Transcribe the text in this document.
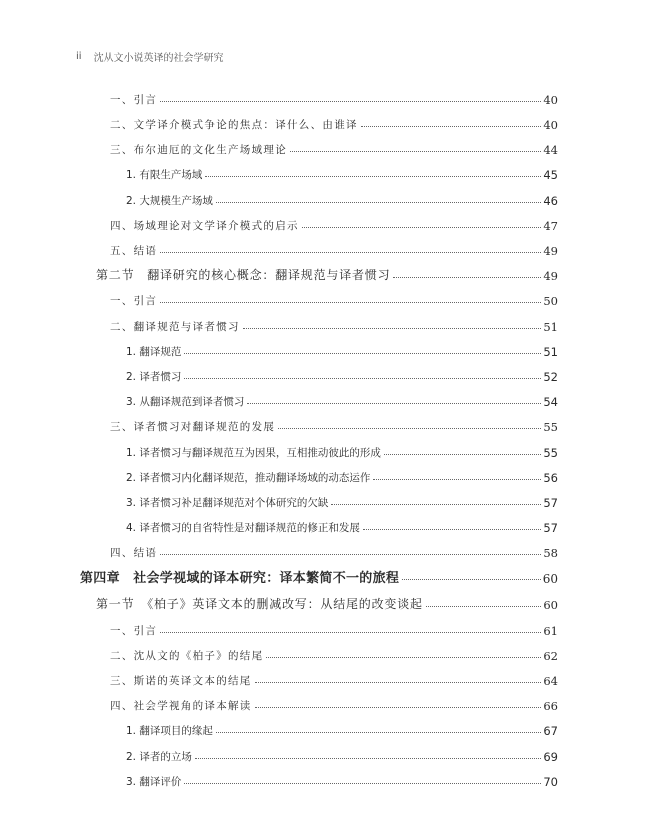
ii 沈从文小说英译的社会学研究
一、引言	40
二、文学译介模式争论的焦点：译什么、由谁译	40
三、布尔迪厄的文化生产场域理论	44
1. 有限生产场域	45
2. 大规模生产场域	46
四、场域理论对文学译介模式的启示	47
五、结语	49
第二节　翻译研究的核心概念：翻译规范与译者惯习	49
一、引言	50
二、翻译规范与译者惯习	51
1. 翻译规范	51
2. 译者惯习	52
3. 从翻译规范到译者惯习	54
三、译者惯习对翻译规范的发展	55
1. 译者惯习与翻译规范互为因果，互相推动彼此的形成	55
2. 译者惯习内化翻译规范，推动翻译场域的动态运作	56
3. 译者惯习补足翻译规范对个体研究的欠缺	57
4. 译者惯习的自省特性是对翻译规范的修正和发展	57
四、结语	58
第四章　社会学视域的译本研究：译本繁简不一的旅程	60
第一节　《柏子》英译文本的删减改写：从结尾的改变谈起	60
一、引言	61
二、沈从文的《柏子》的结尾	62
三、斯诺的英译文本的结尾	64
四、社会学视角的译本解读	66
1. 翻译项目的缘起	67
2. 译者的立场	69
3. 翻译评价	70
